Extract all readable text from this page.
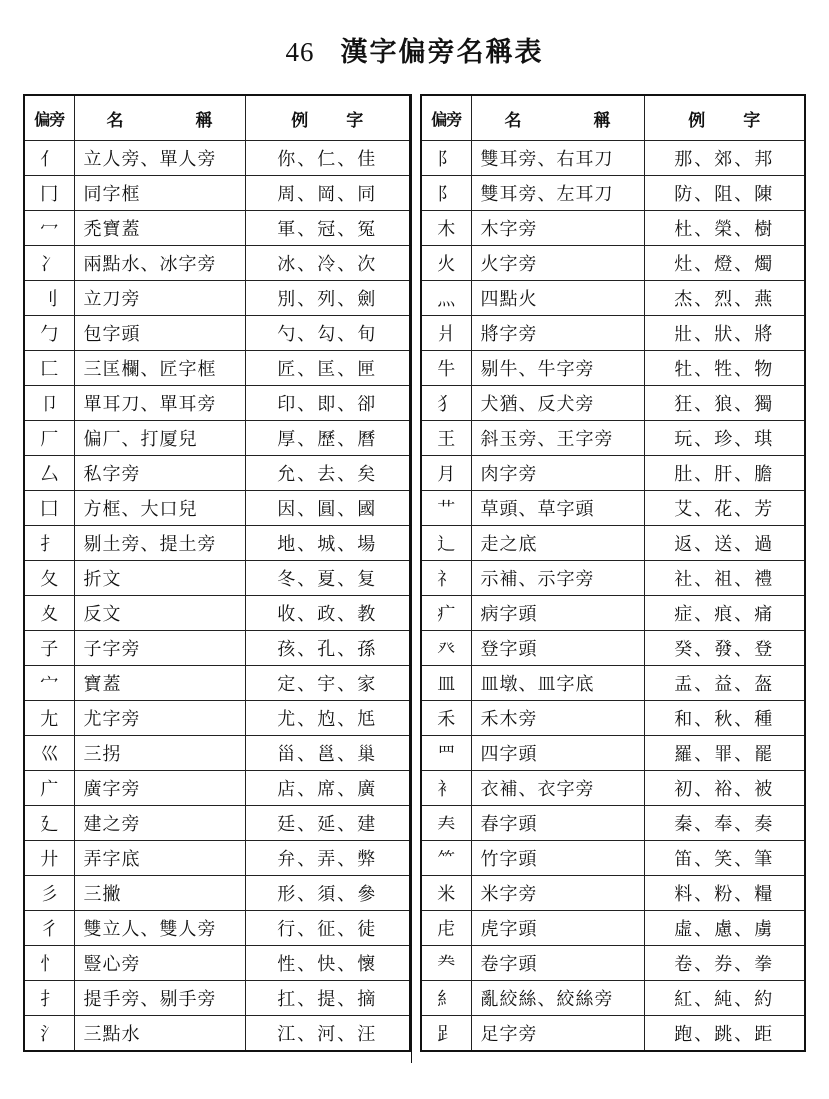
46 漢字偏旁名稱表
偏旁	名 稱	例 字
亻	立人旁、單人旁	你、仁、佳
冂	同字框	周、岡、同
冖	禿寶蓋	軍、冠、冤
冫	兩點水、冰字旁	冰、冷、次
刂	立刀旁	別、列、劍
勹	包字頭	勺、勾、旬
匚	三匡欄、匠字框	匠、匡、匣
卩	單耳刀、單耳旁	印、即、卻
厂	偏厂、打厦兒	厚、歷、曆
厶	私字旁	允、去、矣
囗	方框、大口兒	因、圓、國
扌	剔土旁、提土旁	地、城、場
夂	折文	冬、夏、复
夊	反文	收、政、教
子	子字旁	孩、孔、孫
宀	寶蓋	定、宇、家
尢	尤字旁	尤、尥、尪
巛	三拐	甾、邕、巢
广	廣字旁	店、席、廣
廴	建之旁	廷、延、建
廾	弄字底	弁、弄、弊
彡	三撇	形、須、參
彳	雙立人、雙人旁	行、征、徒
忄	豎心旁	性、快、懷
扌	提手旁、剔手旁	扛、提、摘
氵	三點水	江、河、汪
偏旁	名 稱	例 字
阝	雙耳旁、右耳刀	那、郊、邦
阝	雙耳旁、左耳刀	防、阻、陳
木	木字旁	杜、榮、樹
火	火字旁	灶、燈、燭
灬	四點火	杰、烈、燕
爿	將字旁	壯、狀、將
牛	剔牛、牛字旁	牡、牲、物
犭	犬猶、反犬旁	狂、狼、獨
王	斜玉旁、王字旁	玩、珍、琪
月	肉字旁	肚、肝、膽
艹	草頭、草字頭	艾、花、芳
辶	走之底	返、送、過
礻	示補、示字旁	社、祖、禮
疒	病字頭	症、痕、痛
癶	登字頭	癸、發、登
皿	皿墩、皿字底	盂、益、盔
禾	禾木旁	和、秋、種
罒	四字頭	羅、罪、罷
衤	衣補、衣字旁	初、裕、被
𡗗	春字頭	秦、奉、奏
⺮	竹字頭	笛、笑、筆
米	米字旁	料、粉、糧
虍	虎字頭	虛、慮、虜
龹	卷字頭	卷、券、拳
糹	亂絞絲、絞絲旁	紅、純、約
𧾷	足字旁	跑、跳、距
